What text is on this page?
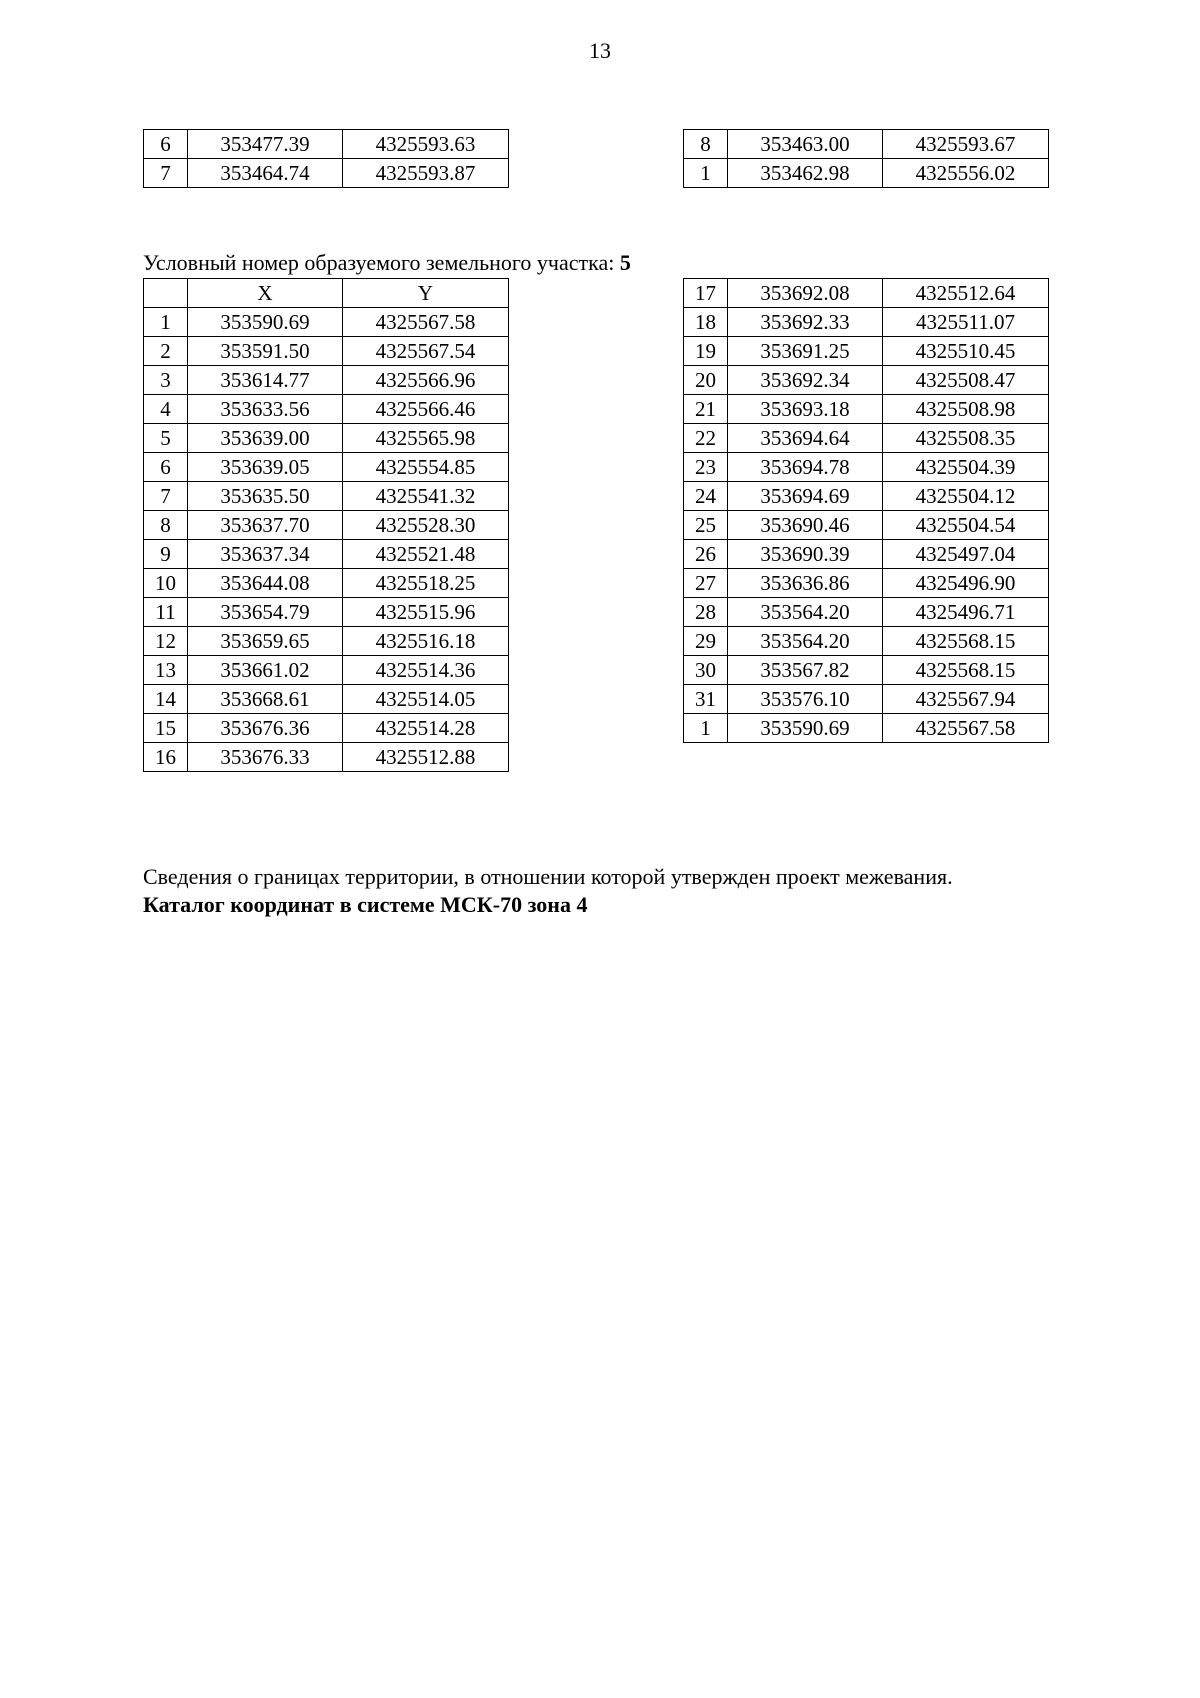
13
6	353477.39	4325593.63
7	353464.74	4325593.87
8	353463.00	4325593.67
1	353462.98	4325556.02
Условный номер образуемого земельного участка: 5
	X	Y
1	353590.69	4325567.58
2	353591.50	4325567.54
3	353614.77	4325566.96
4	353633.56	4325566.46
5	353639.00	4325565.98
6	353639.05	4325554.85
7	353635.50	4325541.32
8	353637.70	4325528.30
9	353637.34	4325521.48
10	353644.08	4325518.25
11	353654.79	4325515.96
12	353659.65	4325516.18
13	353661.02	4325514.36
14	353668.61	4325514.05
15	353676.36	4325514.28
16	353676.33	4325512.88
17	353692.08	4325512.64
18	353692.33	4325511.07
19	353691.25	4325510.45
20	353692.34	4325508.47
21	353693.18	4325508.98
22	353694.64	4325508.35
23	353694.78	4325504.39
24	353694.69	4325504.12
25	353690.46	4325504.54
26	353690.39	4325497.04
27	353636.86	4325496.90
28	353564.20	4325496.71
29	353564.20	4325568.15
30	353567.82	4325568.15
31	353576.10	4325567.94
1	353590.69	4325567.58
Сведения о границах территории, в отношении которой утвержден проект межевания.
Каталог координат в системе МСК-70 зона 4
